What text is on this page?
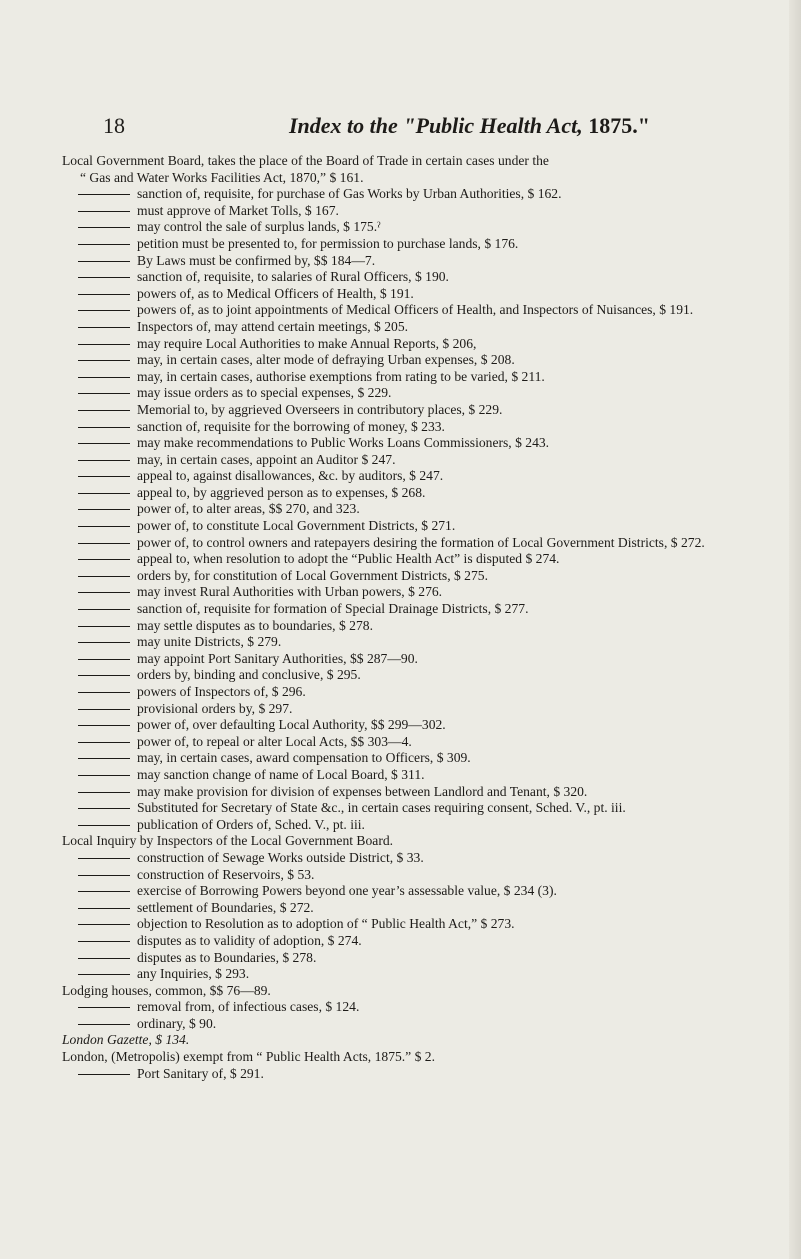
18	Index to the "Public Health Act, 1875."
Local Government Board, takes the place of the Board of Trade in certain cases under the
“ Gas and Water Works Facilities Act, 1870,” $ 161.
sanction of, requisite, for purchase of Gas Works by Urban Authorities, $ 162.
must approve of Market Tolls, $ 167.
may control the sale of surplus lands, $ 175.ˀ
petition must be presented to, for permission to purchase lands, $ 176.
By Laws must be confirmed by, $$ 184—7.
sanction of, requisite, to salaries of Rural Officers, $ 190.
powers of, as to Medical Officers of Health, $ 191.
powers of, as to joint appointments of Medical Officers of Health, and Inspectors of Nuisances, $ 191.
Inspectors of, may attend certain meetings, $ 205.
may require Local Authorities to make Annual Reports, $ 206,
may, in certain cases, alter mode of defraying Urban expenses, $ 208.
may, in certain cases, authorise exemptions from rating to be varied, $ 211.
may issue orders as to special expenses, $ 229.
Memorial to, by aggrieved Overseers in contributory places, $ 229.
sanction of, requisite for the borrowing of money, $ 233.
may make recommendations to Public Works Loans Commissioners, $ 243.
may, in certain cases, appoint an Auditor $ 247.
appeal to, against disallowances, &c. by auditors, $ 247.
appeal to, by aggrieved person as to expenses, $ 268.
power of, to alter areas, $$ 270, and 323.
power of, to constitute Local Government Districts, $ 271.
power of, to control owners and ratepayers desiring the formation of Local Government Districts, $ 272.
appeal to, when resolution to adopt the “Public Health Act” is disputed $ 274.
orders by, for constitution of Local Government Districts, $ 275.
may invest Rural Authorities with Urban powers, $ 276.
sanction of, requisite for formation of Special Drainage Districts, $ 277.
may settle disputes as to boundaries, $ 278.
may unite Districts, $ 279.
may appoint Port Sanitary Authorities, $$ 287—90.
orders by, binding and conclusive, $ 295.
powers of Inspectors of, $ 296.
provisional orders by, $ 297.
power of, over defaulting Local Authority, $$ 299—302.
power of, to repeal or alter Local Acts, $$ 303—4.
may, in certain cases, award compensation to Officers, $ 309.
may sanction change of name of Local Board, $ 311.
may make provision for division of expenses between Landlord and Tenant, $ 320.
Substituted for Secretary of State &c., in certain cases requiring consent, Sched. V., pt. iii.
publication of Orders of, Sched. V., pt. iii.
Local Inquiry by Inspectors of the Local Government Board.
construction of Sewage Works outside District, $ 33.
construction of Reservoirs, $ 53.
exercise of Borrowing Powers beyond one year’s assessable value, $ 234 (3).
settlement of Boundaries, $ 272.
objection to Resolution as to adoption of “ Public Health Act,” $ 273.
disputes as to validity of adoption, $ 274.
disputes as to Boundaries, $ 278.
any Inquiries, $ 293.
Lodging houses, common, $$ 76—89.
removal from, of infectious cases, $ 124.
ordinary, $ 90.
London Gazette, $ 134.
London, (Metropolis) exempt from “ Public Health Acts, 1875.” $ 2.
Port Sanitary of, $ 291.
